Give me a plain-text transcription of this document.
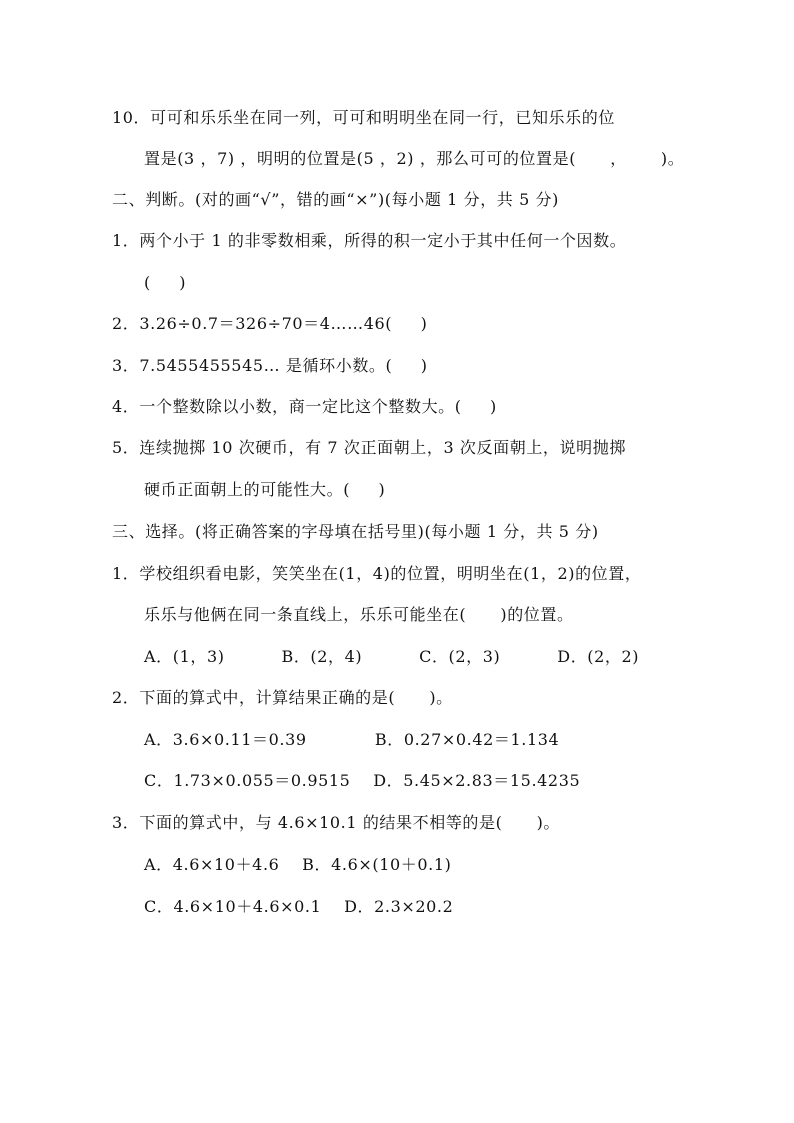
10．可可和乐乐坐在同一列，可可和明明坐在同一行，已知乐乐的位
置是(3 ，7) ，明明的位置是(5 ，2) ，那么可可的位置是(      ，      )。
二、判断。(对的画“√”，错的画“×”)(每小题 1 分，共 5 分)
1．两个小于 1 的非零数相乘，所得的积一定小于其中任何一个因数。
(     )
2．3.26÷0.7＝326÷70＝4……46(     )
3．7.5455455545… 是循环小数。(     )
4．一个整数除以小数，商一定比这个整数大。(     )
5．连续抛掷 10 次硬币，有 7 次正面朝上，3 次反面朝上，说明抛掷
硬币正面朝上的可能性大。(     )
三、选择。(将正确答案的字母填在括号里)(每小题 1 分，共 5 分)
1．学校组织看电影，笑笑坐在(1，4)的位置，明明坐在(1，2)的位置，
乐乐与他俩在同一条直线上，乐乐可能坐在(      )的位置。
A．(1，3)          B．(2，4)          C．(2，3)          D．(2，2)
2．下面的算式中，计算结果正确的是(      )。
A．3.6×0.11＝0.39            B．0.27×0.42＝1.134
C．1.73×0.055＝0.9515    D．5.45×2.83＝15.4235
3．下面的算式中，与 4.6×10.1 的结果不相等的是(      )。
A．4.6×10＋4.6    B．4.6×(10＋0.1)
C．4.6×10＋4.6×0.1    D．2.3×20.2
